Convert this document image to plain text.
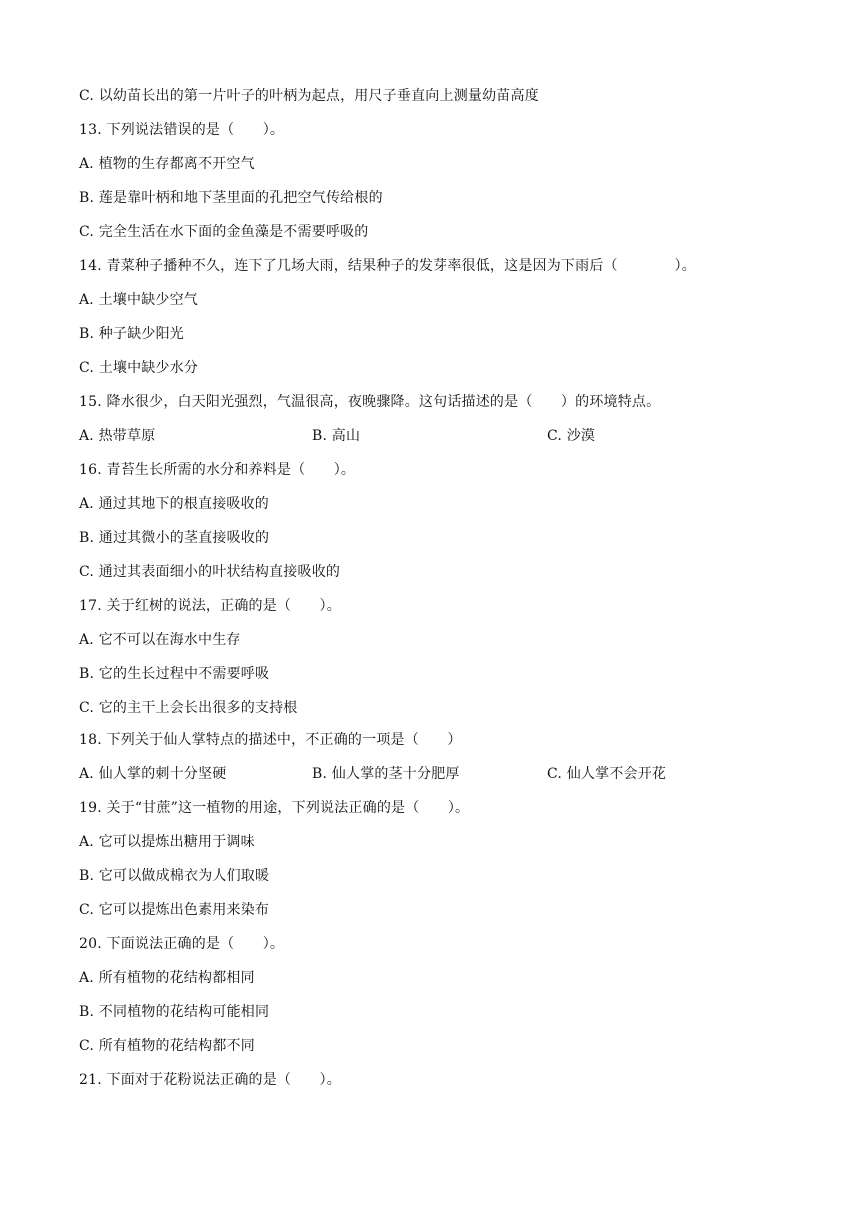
C. 以幼苗长出的第一片叶子的叶柄为起点，用尺子垂直向上测量幼苗高度
13. 下列说法错误的是（　　）。
A. 植物的生存都离不开空气
B. 莲是靠叶柄和地下茎里面的孔把空气传给根的
C. 完全生活在水下面的金鱼藻是不需要呼吸的
14. 青菜种子播种不久，连下了几场大雨，结果种子的发芽率很低，这是因为下雨后（　　　　）。
A. 土壤中缺少空气
B. 种子缺少阳光
C. 土壤中缺少水分
15. 降水很少，白天阳光强烈，气温很高，夜晚骤降。这句话描述的是（　　）的环境特点。
A. 热带草原	B. 高山	C. 沙漠
16. 青苔生长所需的水分和养料是（　　）。
A. 通过其地下的根直接吸收的
B. 通过其微小的茎直接吸收的
C. 通过其表面细小的叶状结构直接吸收的
17. 关于红树的说法，正确的是（　　）。
A. 它不可以在海水中生存
B. 它的生长过程中不需要呼吸
C. 它的主干上会长出很多的支持根
18. 下列关于仙人掌特点的描述中，不正确的一项是（　　）
A. 仙人掌的刺十分坚硬	B. 仙人掌的茎十分肥厚	C. 仙人掌不会开花
19. 关于“甘蔗”这一植物的用途，下列说法正确的是（　　）。
A. 它可以提炼出糖用于调味
B. 它可以做成棉衣为人们取暖
C. 它可以提炼出色素用来染布
20. 下面说法正确的是（　　）。
A. 所有植物的花结构都相同
B. 不同植物的花结构可能相同
C. 所有植物的花结构都不同
21. 下面对于花粉说法正确的是（　　）。
